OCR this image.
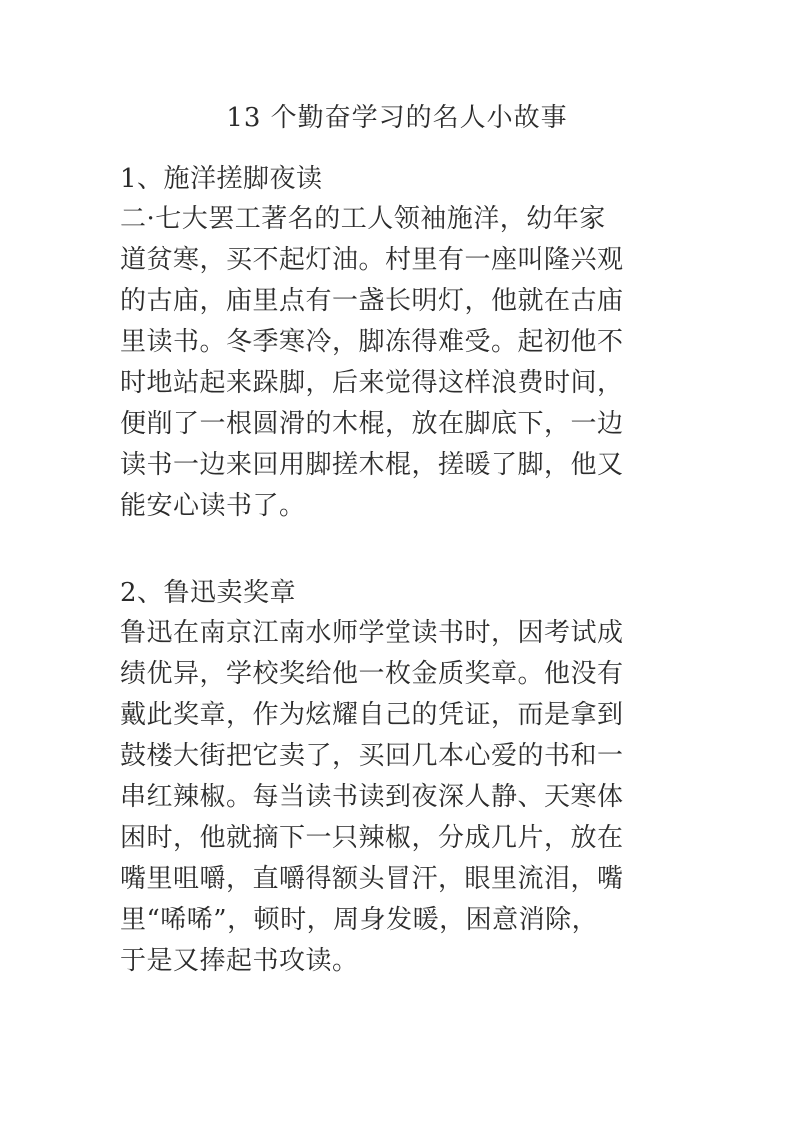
13 个勤奋学习的名人小故事
1、施洋搓脚夜读
二·七大罢工著名的工人领袖施洋，幼年家
道贫寒，买不起灯油。村里有一座叫隆兴观
的古庙，庙里点有一盏长明灯，他就在古庙
里读书。冬季寒冷，脚冻得难受。起初他不
时地站起来跺脚，后来觉得这样浪费时间，
便削了一根圆滑的木棍，放在脚底下，一边
读书一边来回用脚搓木棍，搓暖了脚，他又
能安心读书了。
2、鲁迅卖奖章
鲁迅在南京江南水师学堂读书时，因考试成
绩优异，学校奖给他一枚金质奖章。他没有
戴此奖章，作为炫耀自己的凭证，而是拿到
鼓楼大街把它卖了，买回几本心爱的书和一
串红辣椒。每当读书读到夜深人静、天寒体
困时，他就摘下一只辣椒，分成几片，放在
嘴里咀嚼，直嚼得额头冒汗，眼里流泪，嘴
里“唏唏”，顿时，周身发暖，困意消除，
于是又捧起书攻读。
